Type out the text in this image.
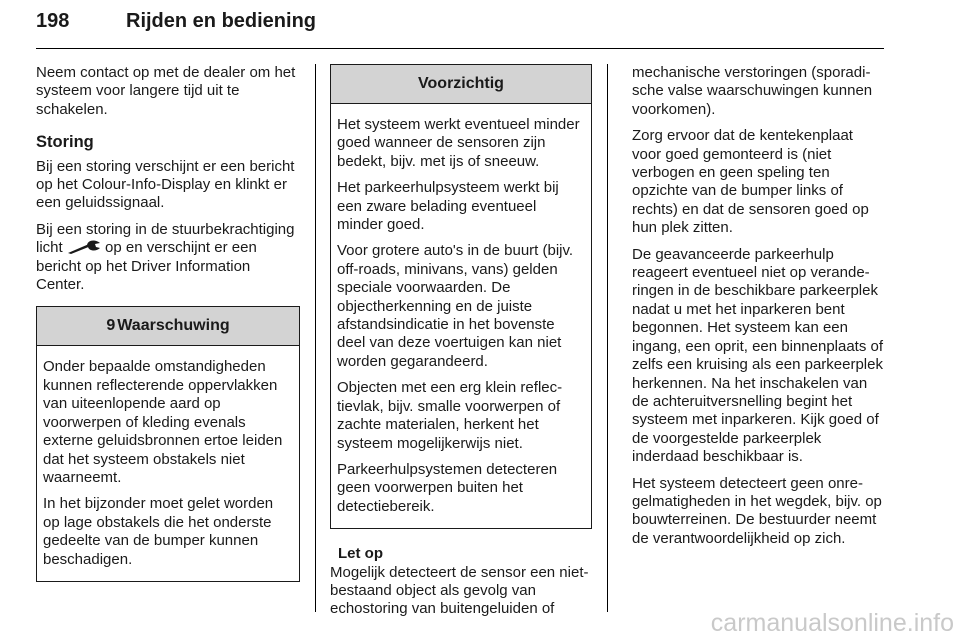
198	Rijden en bediening

Neem contact op met de dealer om het systeem voor langere tijd uit te schakelen.

Storing

Bij een storing verschijnt er een bericht op het Colour-Info-Display en klinkt er een geluidssignaal.

Bij een storing in de stuurbekrachtiging licht	op en verschijnt er een bericht op het Driver Information Center.

9 Waarschuwing

Onder bepaalde omstandigheden kunnen reflecterende oppervlakken van uiteenlopende aard op voorwerpen of kleding evenals externe geluidsbronnen ertoe leiden dat het systeem obstakels niet waarneemt.

In het bijzonder moet gelet worden op lage obstakels die het onderste gedeelte van de bumper kunnen beschadigen.

Voorzichtig

Het systeem werkt eventueel minder goed wanneer de sensoren zijn bedekt, bijv. met ijs of sneeuw.

Het parkeerhulpsysteem werkt bij een zware belading eventueel minder goed.

Voor grotere auto's in de buurt (bijv. off-roads, minivans, vans) gelden speciale voorwaarden. De objectherkenning en de juiste afstandsindicatie in het bovenste deel van deze voertuigen kan niet worden gegarandeerd.

Objecten met een erg klein reflectievlak, bijv. smalle voorwerpen of zachte materialen, herkent het systeem mogelijkerwijs niet.

Parkeerhulpsystemen detecteren geen voorwerpen buiten het detectiebereik.

Let op

Mogelijk detecteert de sensor een niet-bestaand object als gevolg van echostoring van buitengeluiden of

mechanische verstoringen (sporadische valse waarschuwingen kunnen voorkomen).

Zorg ervoor dat de kentekenplaat voor goed gemonteerd is (niet verbogen en geen speling ten opzichte van de bumper links of rechts) en dat de sensoren goed op hun plek zitten.

De geavanceerde parkeerhulp reageert eventueel niet op veranderingen in de beschikbare parkeerplek nadat u met het inparkeren bent begonnen. Het systeem kan een ingang, een oprit, een binnenplaats of zelfs een kruising als een parkeerplek herkennen. Na het inschakelen van de achteruitversnelling begint het systeem met inparkeren. Kijk goed of de voorgestelde parkeerplek inderdaad beschikbaar is.

Het systeem detecteert geen onregelmatigheden in het wegdek, bijv. op bouwterreinen. De bestuurder neemt de verantwoordelijkheid op zich.

carmanualsonline.info
